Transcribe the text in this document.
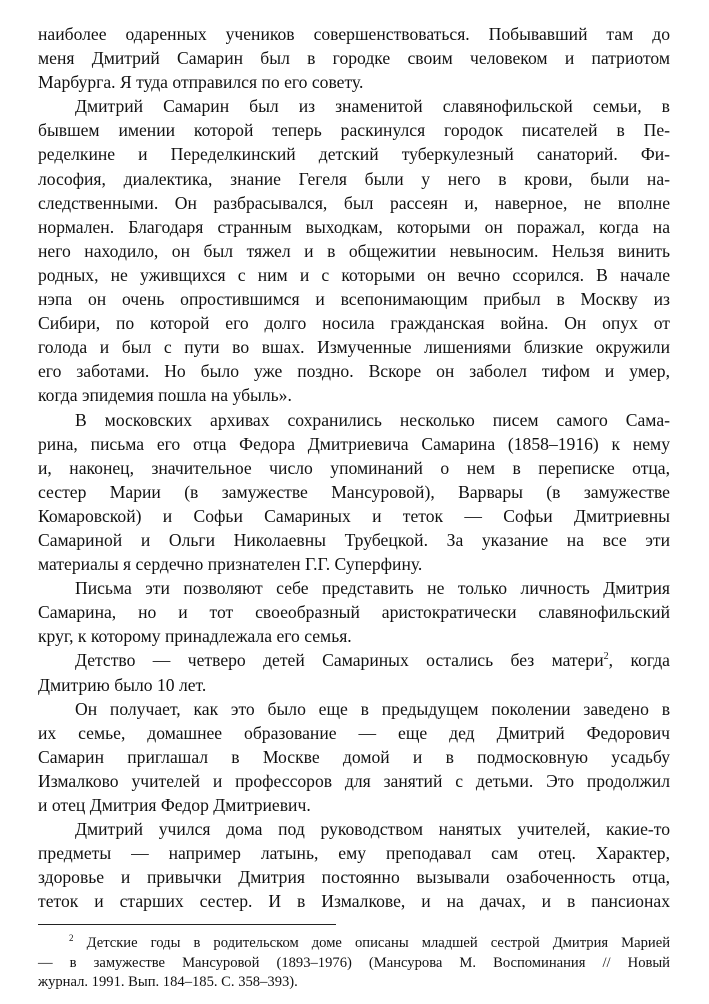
наиболее одаренных учеников совершенствоваться. Побывавший там до
меня Дмитрий Самарин был в городке своим человеком и патриотом
Марбурга. Я туда отправился по его совету.
Дмитрий Самарин был из знаменитой славянофильской семьи, в
бывшем имении которой теперь раскинулся городок писателей в Пе-
ределкине и Переделкинский детский туберкулезный санаторий. Фи-
лософия, диалектика, знание Гегеля были у него в крови, были на-
следственными. Он разбрасывался, был рассеян и, наверное, не вполне
нормален. Благодаря странным выходкам, которыми он поражал, когда на
него находило, он был тяжел и в общежитии невыносим. Нельзя винить
родных, не уживщихся с ним и с которыми он вечно ссорился. В начале
нэпа он очень опростившимся и всепонимающим прибыл в Москву из
Сибири, по которой его долго носила гражданская война. Он опух от
голода и был с пути во вшах. Измученные лишениями близкие окружили
его заботами. Но было уже поздно. Вскоре он заболел тифом и умер,
когда эпидемия пошла на убыль».
В московских архивах сохранились несколько писем самого Сама-
рина, письма его отца Федора Дмитриевича Самарина (1858–1916) к нему
и, наконец, значительное число упоминаний о нем в переписке отца,
сестер Марии (в замужестве Мансуровой), Варвары (в замужестве
Комаровской) и Софьи Самариных и теток — Софьи Дмитриевны
Самариной и Ольги Николаевны Трубецкой. За указание на все эти
материалы я сердечно признателен Г.Г. Суперфину.
Письма эти позволяют себе представить не только личность Дмитрия
Самарина, но и тот своеобразный аристократически славянофильский
круг, к которому принадлежала его семья.
Детство — четверо детей Самариных остались без матери$^2$, когда
Дмитрию было 10 лет.
Он получает, как это было еще в предыдущем поколении заведено в
их семье, домашнее образование — еще дед Дмитрий Федорович
Самарин приглашал в Москве домой и в подмосковную усадьбу
Измалково учителей и профессоров для занятий с детьми. Это продолжил
и отец Дмитрия Федор Дмитриевич.
Дмитрий учился дома под руководством нанятых учителей, какие-то
предметы — например латынь, ему преподавал сам отец. Характер,
здоровье и привычки Дмитрия постоянно вызывали озабоченность отца,
теток и старших сестер. И в Измалкове, и на дачах, и в пансионах
$^2$ Детские годы в родительском доме описаны младшей сестрой Дмитрия Марией
— в замужестве Мансуровой (1893–1976) (Мансурова М. Воспоминания // Новый
журнал. 1991. Вып. 184–185. С. 358–393).
